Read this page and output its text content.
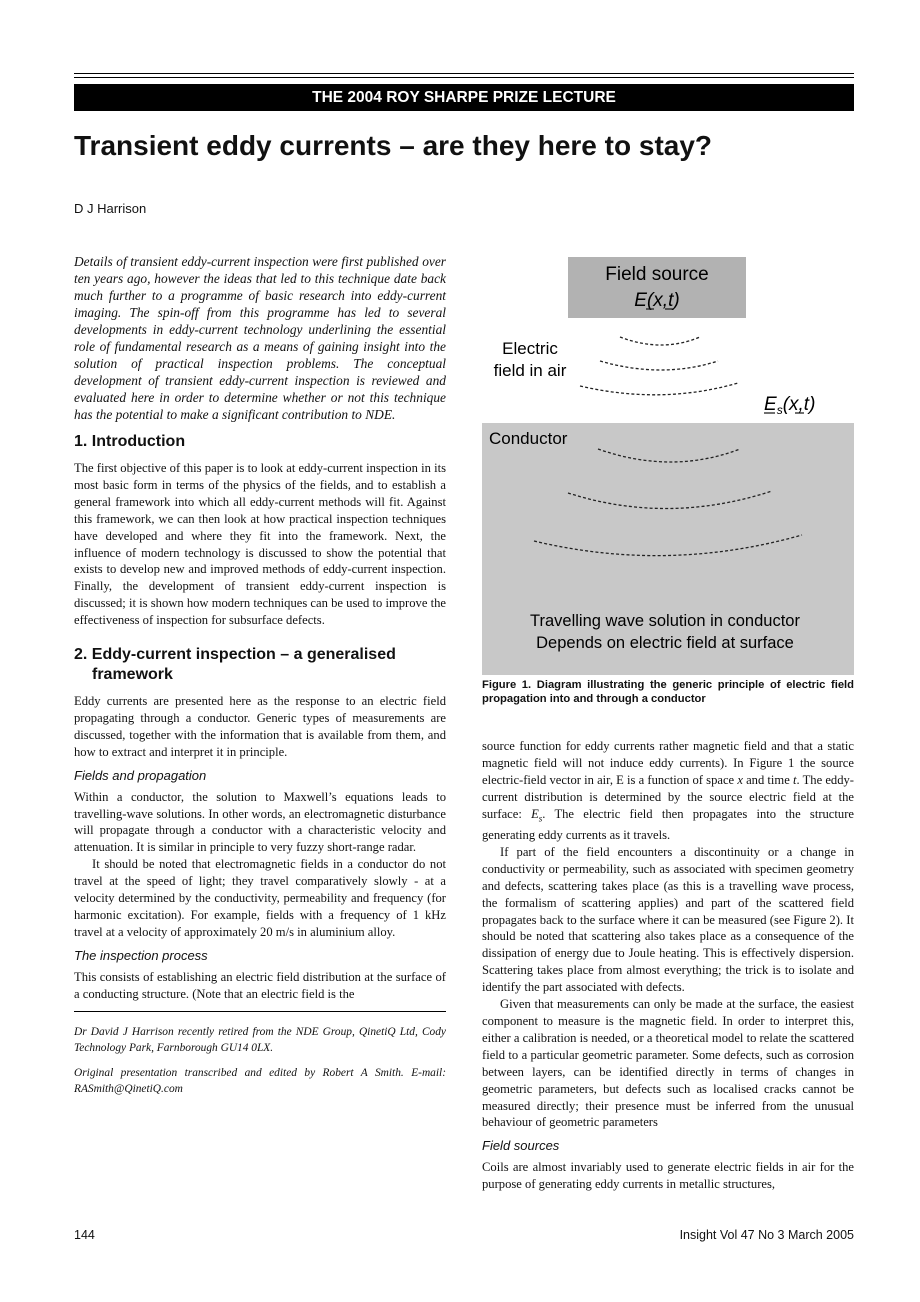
THE 2004 ROY SHARPE PRIZE LECTURE
Transient eddy currents – are they here to stay?
D J Harrison

Details of transient eddy-current inspection were first published over ten years ago, however the ideas that led to this technique date back much further to a programme of basic research into eddy-current imaging. The spin-off from this programme has led to several developments in eddy-current technology underlining the essential role of fundamental research as a means of gaining insight into the solution of practical inspection problems. The conceptual development of transient eddy-current inspection is reviewed and evaluated here in order to determine whether or not this technique has the potential to make a significant contribution to NDE.

1. Introduction

The first objective of this paper is to look at eddy-current inspection in its most basic form in terms of the physics of the fields, and to establish a general framework into which all eddy-current methods will fit. Against this framework, we can then look at how practical inspection techniques have developed and where they fit into the framework. Next, the influence of modern technology is discussed to show the potential that exists to develop new and improved methods of eddy-current inspection. Finally, the development of transient eddy-current inspection is discussed; it is shown how modern techniques can be used to improve the effectiveness of inspection for subsurface defects.

2. Eddy-current inspection – a generalised framework

Eddy currents are presented here as the response to an electric field propagating through a conductor. Generic types of measurements are discussed, together with the information that is available from them, and how to extract and interpret it in principle.

Fields and propagation

Within a conductor, the solution to Maxwell’s equations leads to travelling-wave solutions. In other words, an electromagnetic disturbance will propagate through a conductor with a characteristic velocity and attenuation. It is similar in principle to very fuzzy short-range radar.

It should be noted that electromagnetic fields in a conductor do not travel at the speed of light; they travel comparatively slowly - at a velocity determined by the conductivity, permeability and frequency (for harmonic excitation). For example, fields with a frequency of 1 kHz travel at a velocity of approximately 20 m/s in aluminium alloy.

The inspection process

This consists of establishing an electric field distribution at the surface of a conducting structure. (Note that an electric field is the

Dr David J Harrison recently retired from the NDE Group, QinetiQ Ltd, Cody Technology Park, Farnborough GU14 0LX.

Original presentation transcribed and edited by Robert A Smith. E-mail: RASmith@QinetiQ.com

Field source
E(x,t)
Electric
field in air
$E_s(x,t)$
Conductor
Travelling wave solution in conductor
Depends on electric field at surface
Figure 1. Diagram illustrating the generic principle of electric field propagation into and through a conductor

source function for eddy currents rather magnetic field and that a static magnetic field will not induce eddy currents). In Figure 1 the source electric-field vector in air, E is a function of space x and time t. The eddy-current distribution is determined by the source electric field at the surface: $E_s$. The electric field then propagates into the structure generating eddy currents as it travels.

If part of the field encounters a discontinuity or a change in conductivity or permeability, such as associated with specimen geometry and defects, scattering takes place (as this is a travelling wave process, the formalism of scattering applies) and part of the scattered field propagates back to the surface where it can be measured (see Figure 2). It should be noted that scattering also takes place as a consequence of the dissipation of energy due to Joule heating. This is effectively dispersion. Scattering takes place from almost everything; the trick is to isolate and identify the part associated with defects.

Given that measurements can only be made at the surface, the easiest component to measure is the magnetic field. In order to interpret this, either a calibration is needed, or a theoretical model to relate the scattered field to a particular geometric parameter. Some defects, such as corrosion between layers, can be identified directly in terms of changes in geometric parameters, but defects such as localised cracks cannot be measured directly; their presence must be inferred from the unusual behaviour of geometric parameters

Field sources

Coils are almost invariably used to generate electric fields in air for the purpose of generating eddy currents in metallic structures,

144	Insight Vol 47 No 3 March 2005
